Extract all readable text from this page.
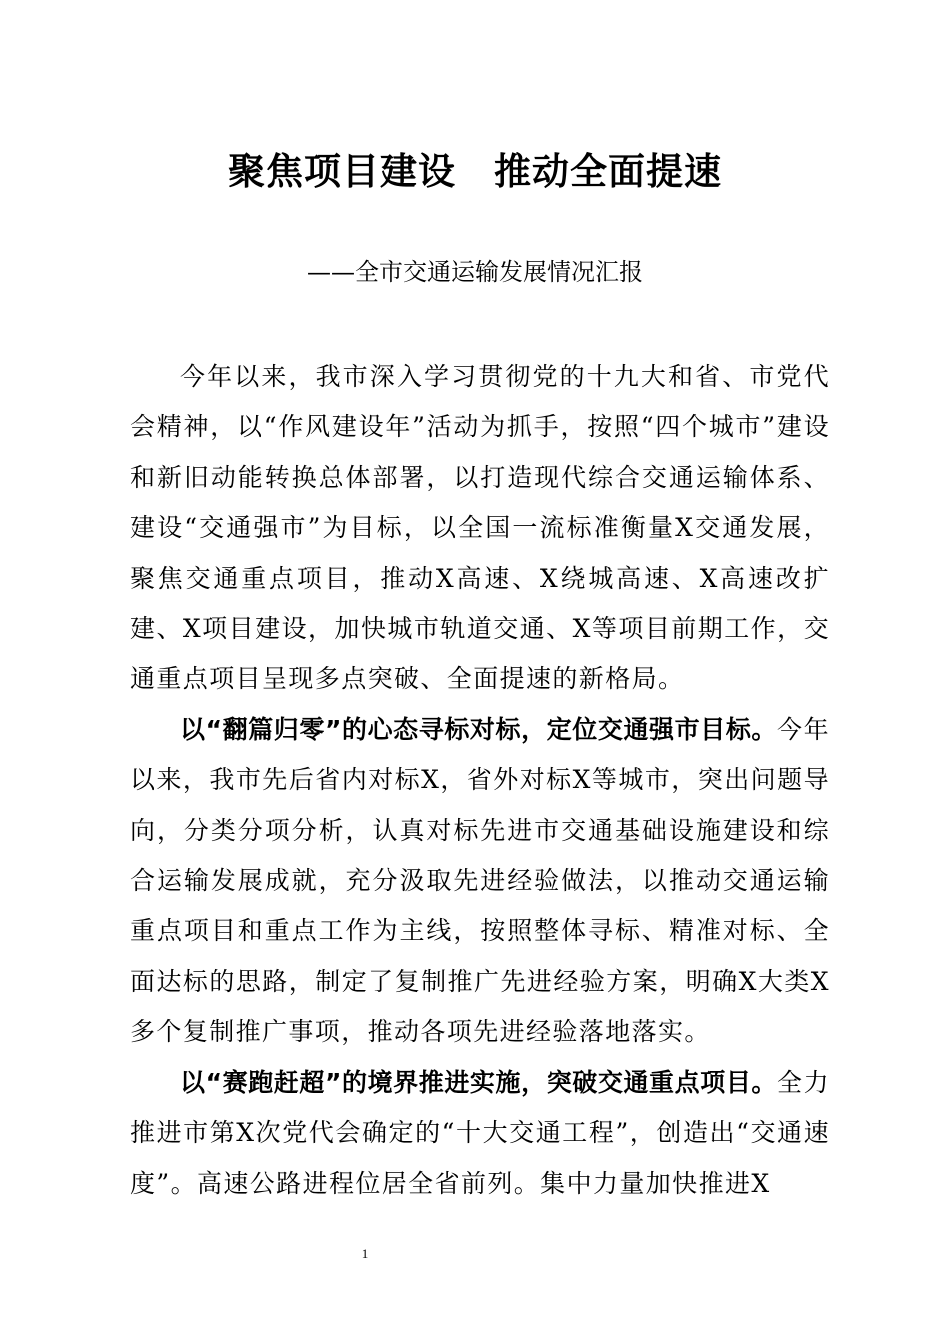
聚焦项目建设　推动全面提速
——全市交通运输发展情况汇报

今年以来，我市深入学习贯彻党的十九大和省、市党代会精神，以“作风建设年”活动为抓手，按照“四个城市”建设和新旧动能转换总体部署，以打造现代综合交通运输体系、建设“交通强市”为目标，以全国一流标准衡量X交通发展，聚焦交通重点项目，推动X高速、X绕城高速、X高速改扩建、X项目建设，加快城市轨道交通、X等项目前期工作，交通重点项目呈现多点突破、全面提速的新格局。

以“翻篇归零”的心态寻标对标，定位交通强市目标。今年以来，我市先后省内对标X，省外对标X等城市，突出问题导向，分类分项分析，认真对标先进市交通基础设施建设和综合运输发展成就，充分汲取先进经验做法，以推动交通运输重点项目和重点工作为主线，按照整体寻标、精准对标、全面达标的思路，制定了复制推广先进经验方案，明确X大类X多个复制推广事项，推动各项先进经验落地落实。

以“赛跑赶超”的境界推进实施，突破交通重点项目。全力推进市第X次党代会确定的“十大交通工程”，创造出“交通速度”。高速公路进程位居全省前列。集中力量加快推进X

1
